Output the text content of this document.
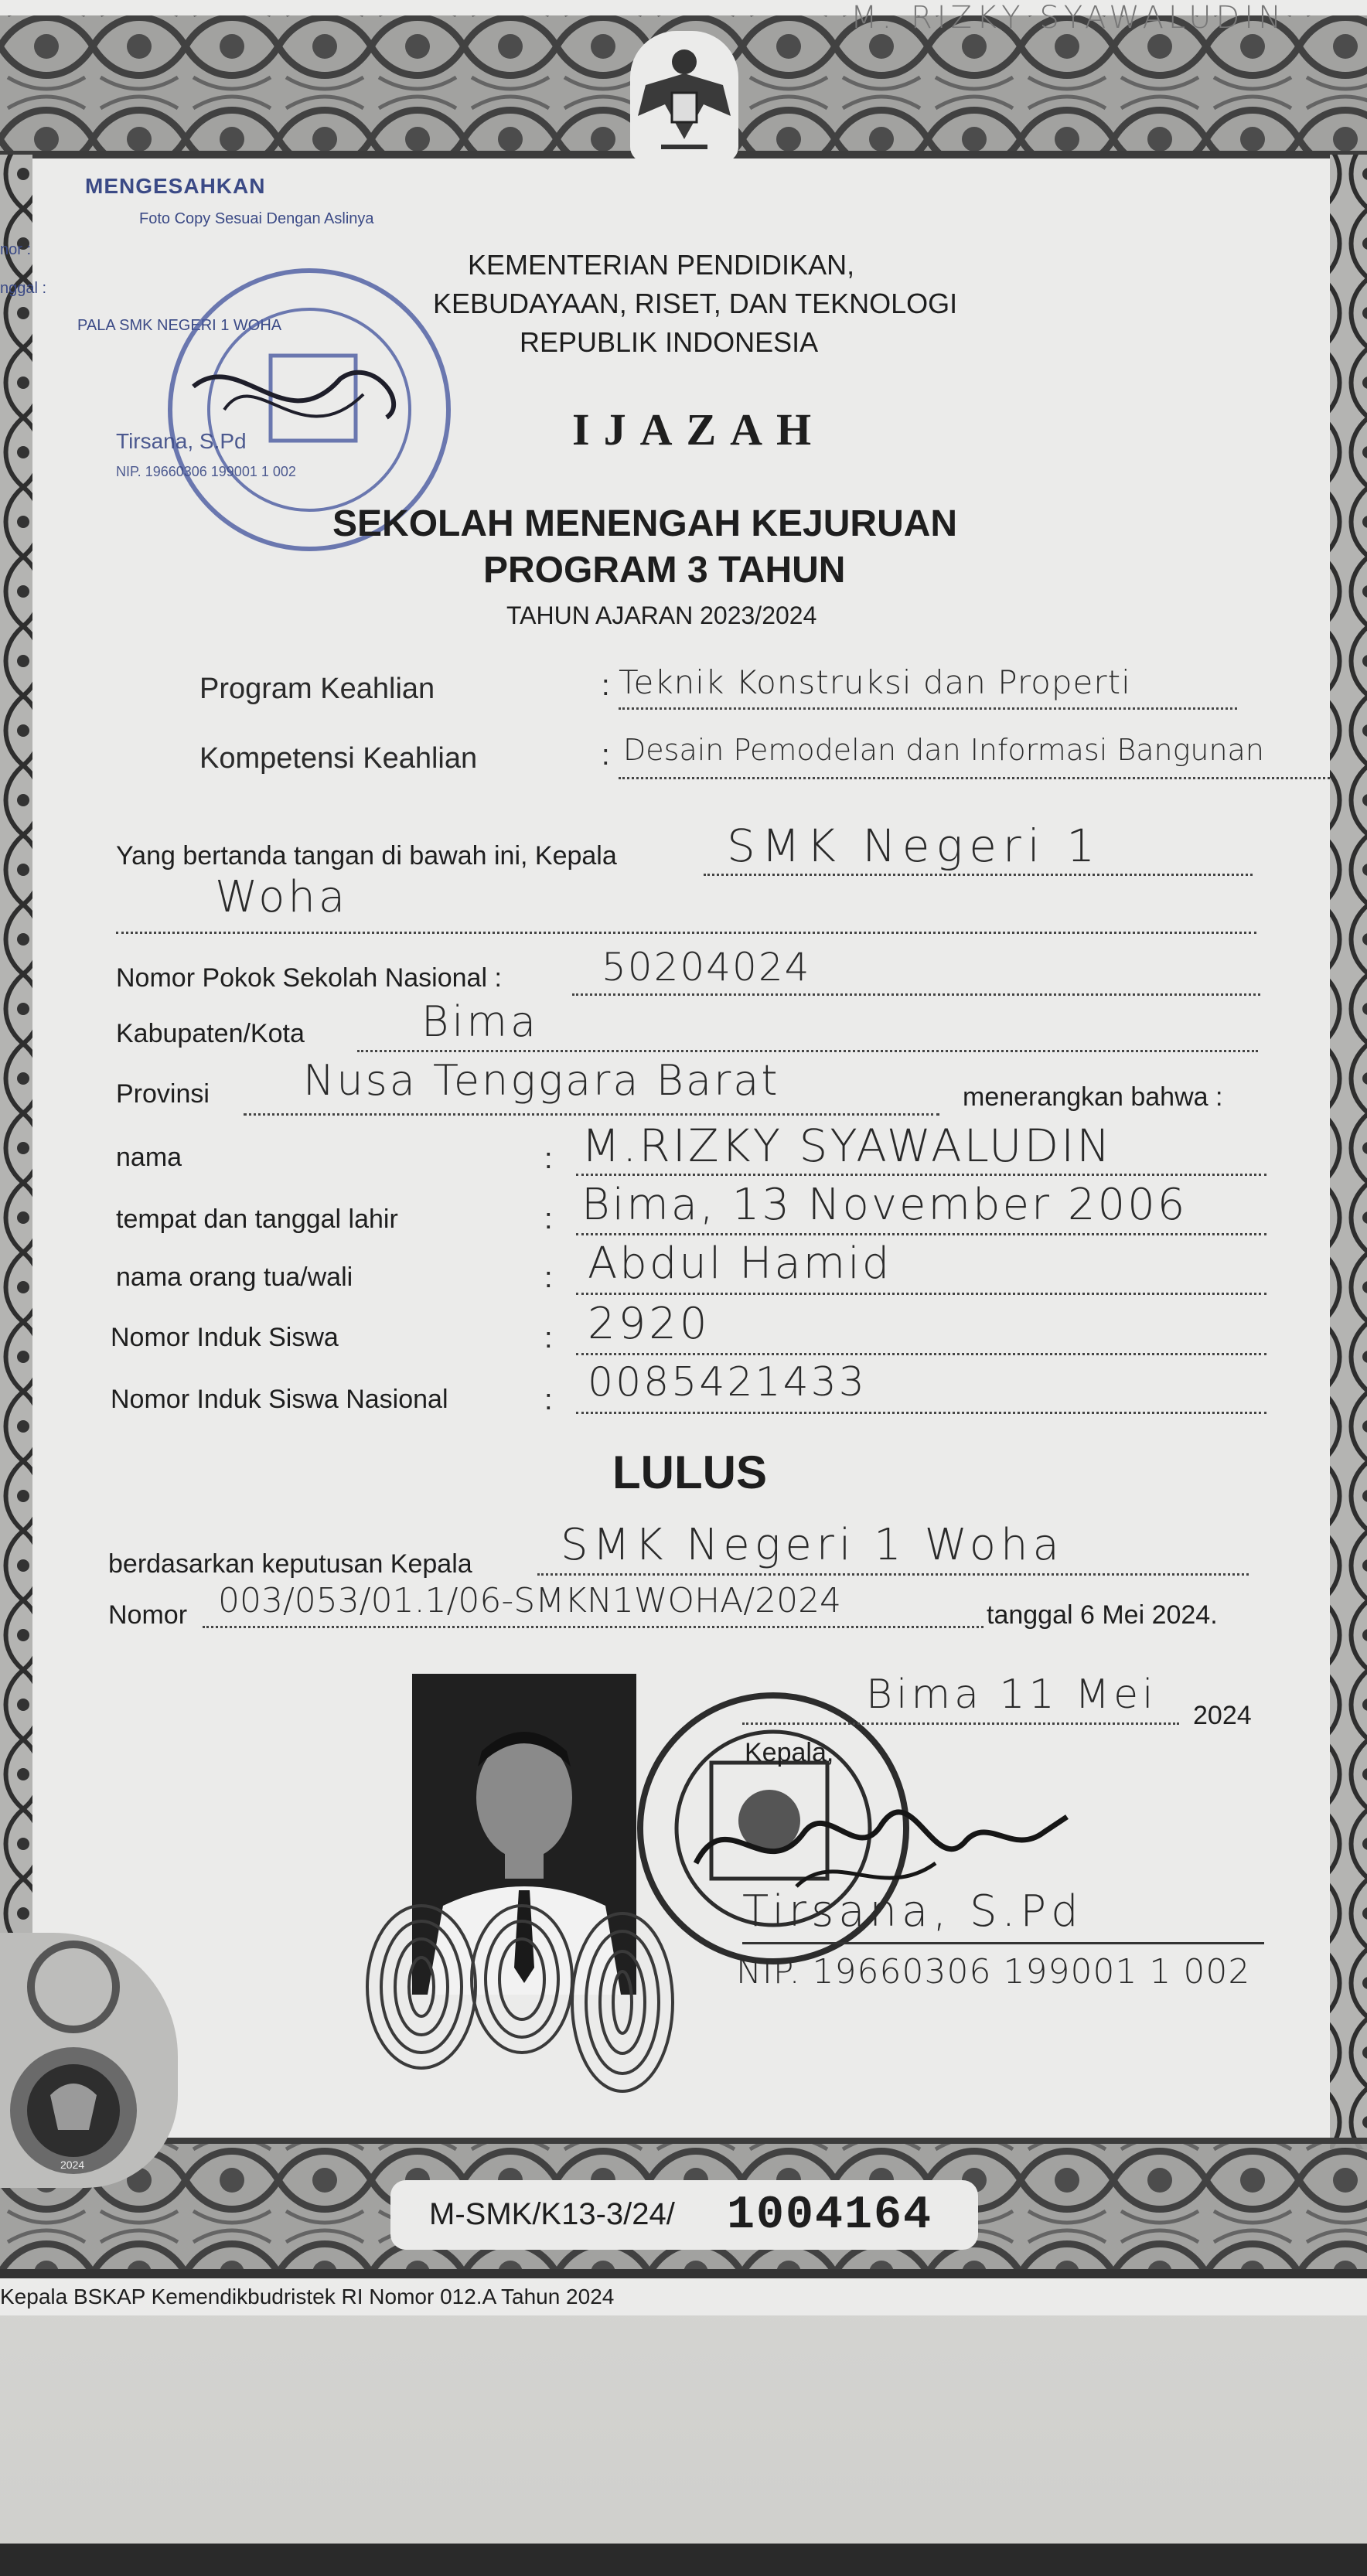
M. RIZKY SYAWALUDIN
MENGESAHKAN
Foto Copy Sesuai Dengan Aslinya
nor :
nggal :
PALA SMK NEGERI 1 WOHA
Tirsana, S.Pd
NIP. 19660306 199001 1 002
KEMENTERIAN PENDIDIKAN,
KEBUDAYAAN, RISET, DAN TEKNOLOGI
REPUBLIK INDONESIA
IJAZAH
SEKOLAH MENENGAH KEJURUAN
PROGRAM 3 TAHUN
TAHUN AJARAN 2023/2024
Program Keahlian	: Teknik Konstruksi dan Properti
Kompetensi Keahlian	: Desain Pemodelan dan Informasi Bangunan
Yang bertanda tangan di bawah ini, Kepala SMK Negeri 1
Woha
Nomor Pokok Sekolah Nasional :	50204024
Kabupaten/Kota	Bima
Provinsi Nusa Tenggara Barat	menerangkan bahwa :
nama	: M.RIZKY SYAWALUDIN
tempat dan tanggal lahir	: Bima, 13 November 2006
nama orang tua/wali	: Abdul Hamid
Nomor Induk Siswa	: 2920
Nomor Induk Siswa Nasional	: 0085421433
LULUS
berdasarkan keputusan Kepala SMK Negeri 1 Woha
Nomor 003/053/01.1/06-SMKN1WOHA/2024	tanggal 6 Mei 2024.
Bima 11 Mei 2024
Kepala,
Tirsana, S.Pd
NIP. 19660306 199001 1 002
2024
M-SMK/K13-3/24/ 1004164
Kepala BSKAP Kemendikbudristek RI Nomor 012.A Tahun 2024
